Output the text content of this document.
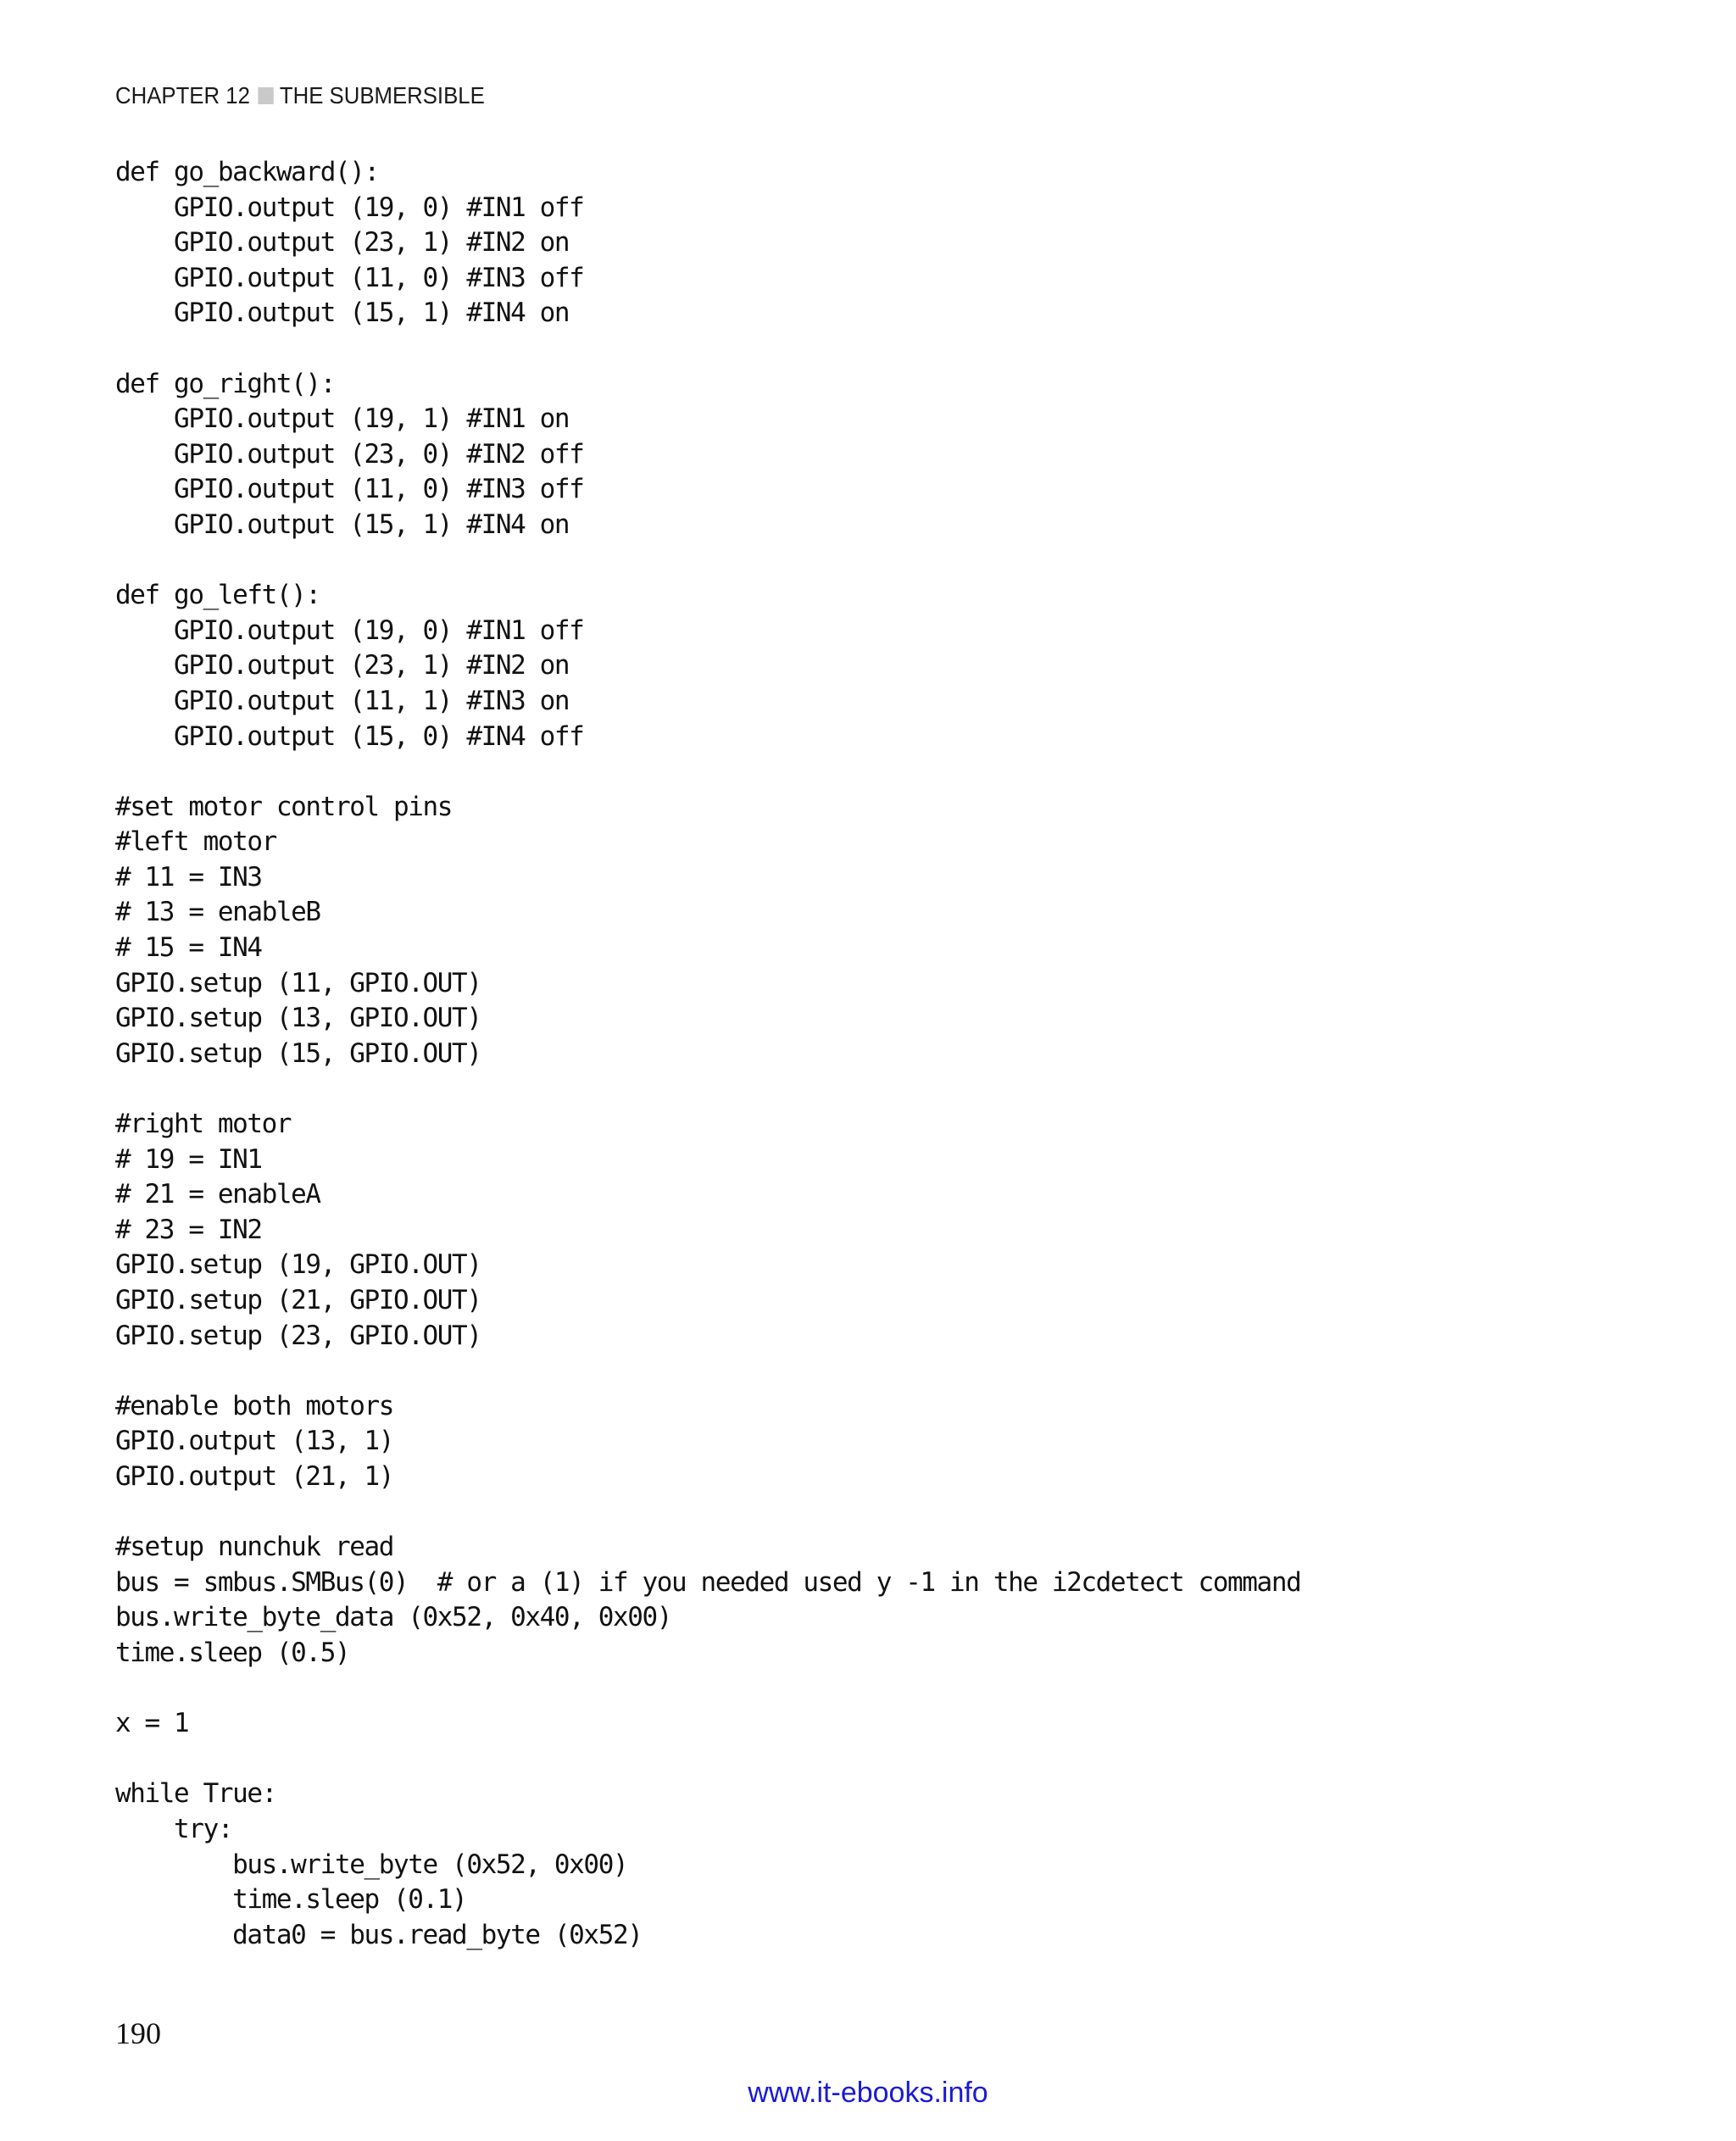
CHAPTER 12 THE SUBMERSIBLE
def go_backward():
GPIO.output (19, 0) #IN1 off
GPIO.output (23, 1) #IN2 on
GPIO.output (11, 0) #IN3 off
GPIO.output (15, 1) #IN4 on
def go_right():
GPIO.output (19, 1) #IN1 on
GPIO.output (23, 0) #IN2 off
GPIO.output (11, 0) #IN3 off
GPIO.output (15, 1) #IN4 on
def go_left():
GPIO.output (19, 0) #IN1 off
GPIO.output (23, 1) #IN2 on
GPIO.output (11, 1) #IN3 on
GPIO.output (15, 0) #IN4 off
#set motor control pins
#left motor
# 11 = IN3
# 13 = enableB
# 15 = IN4
GPIO.setup (11, GPIO.OUT)
GPIO.setup (13, GPIO.OUT)
GPIO.setup (15, GPIO.OUT)
#right motor
# 19 = IN1
# 21 = enableA
# 23 = IN2
GPIO.setup (19, GPIO.OUT)
GPIO.setup (21, GPIO.OUT)
GPIO.setup (23, GPIO.OUT)
#enable both motors
GPIO.output (13, 1)
GPIO.output (21, 1)
#setup nunchuk read
bus = smbus.SMBus(0)  # or a (1) if you needed used y -1 in the i2cdetect command
bus.write_byte_data (0x52, 0x40, 0x00)
time.sleep (0.5)
x = 1
while True:
try:
bus.write_byte (0x52, 0x00)
time.sleep (0.1)
data0 = bus.read_byte (0x52)
190
www.it-ebooks.info
